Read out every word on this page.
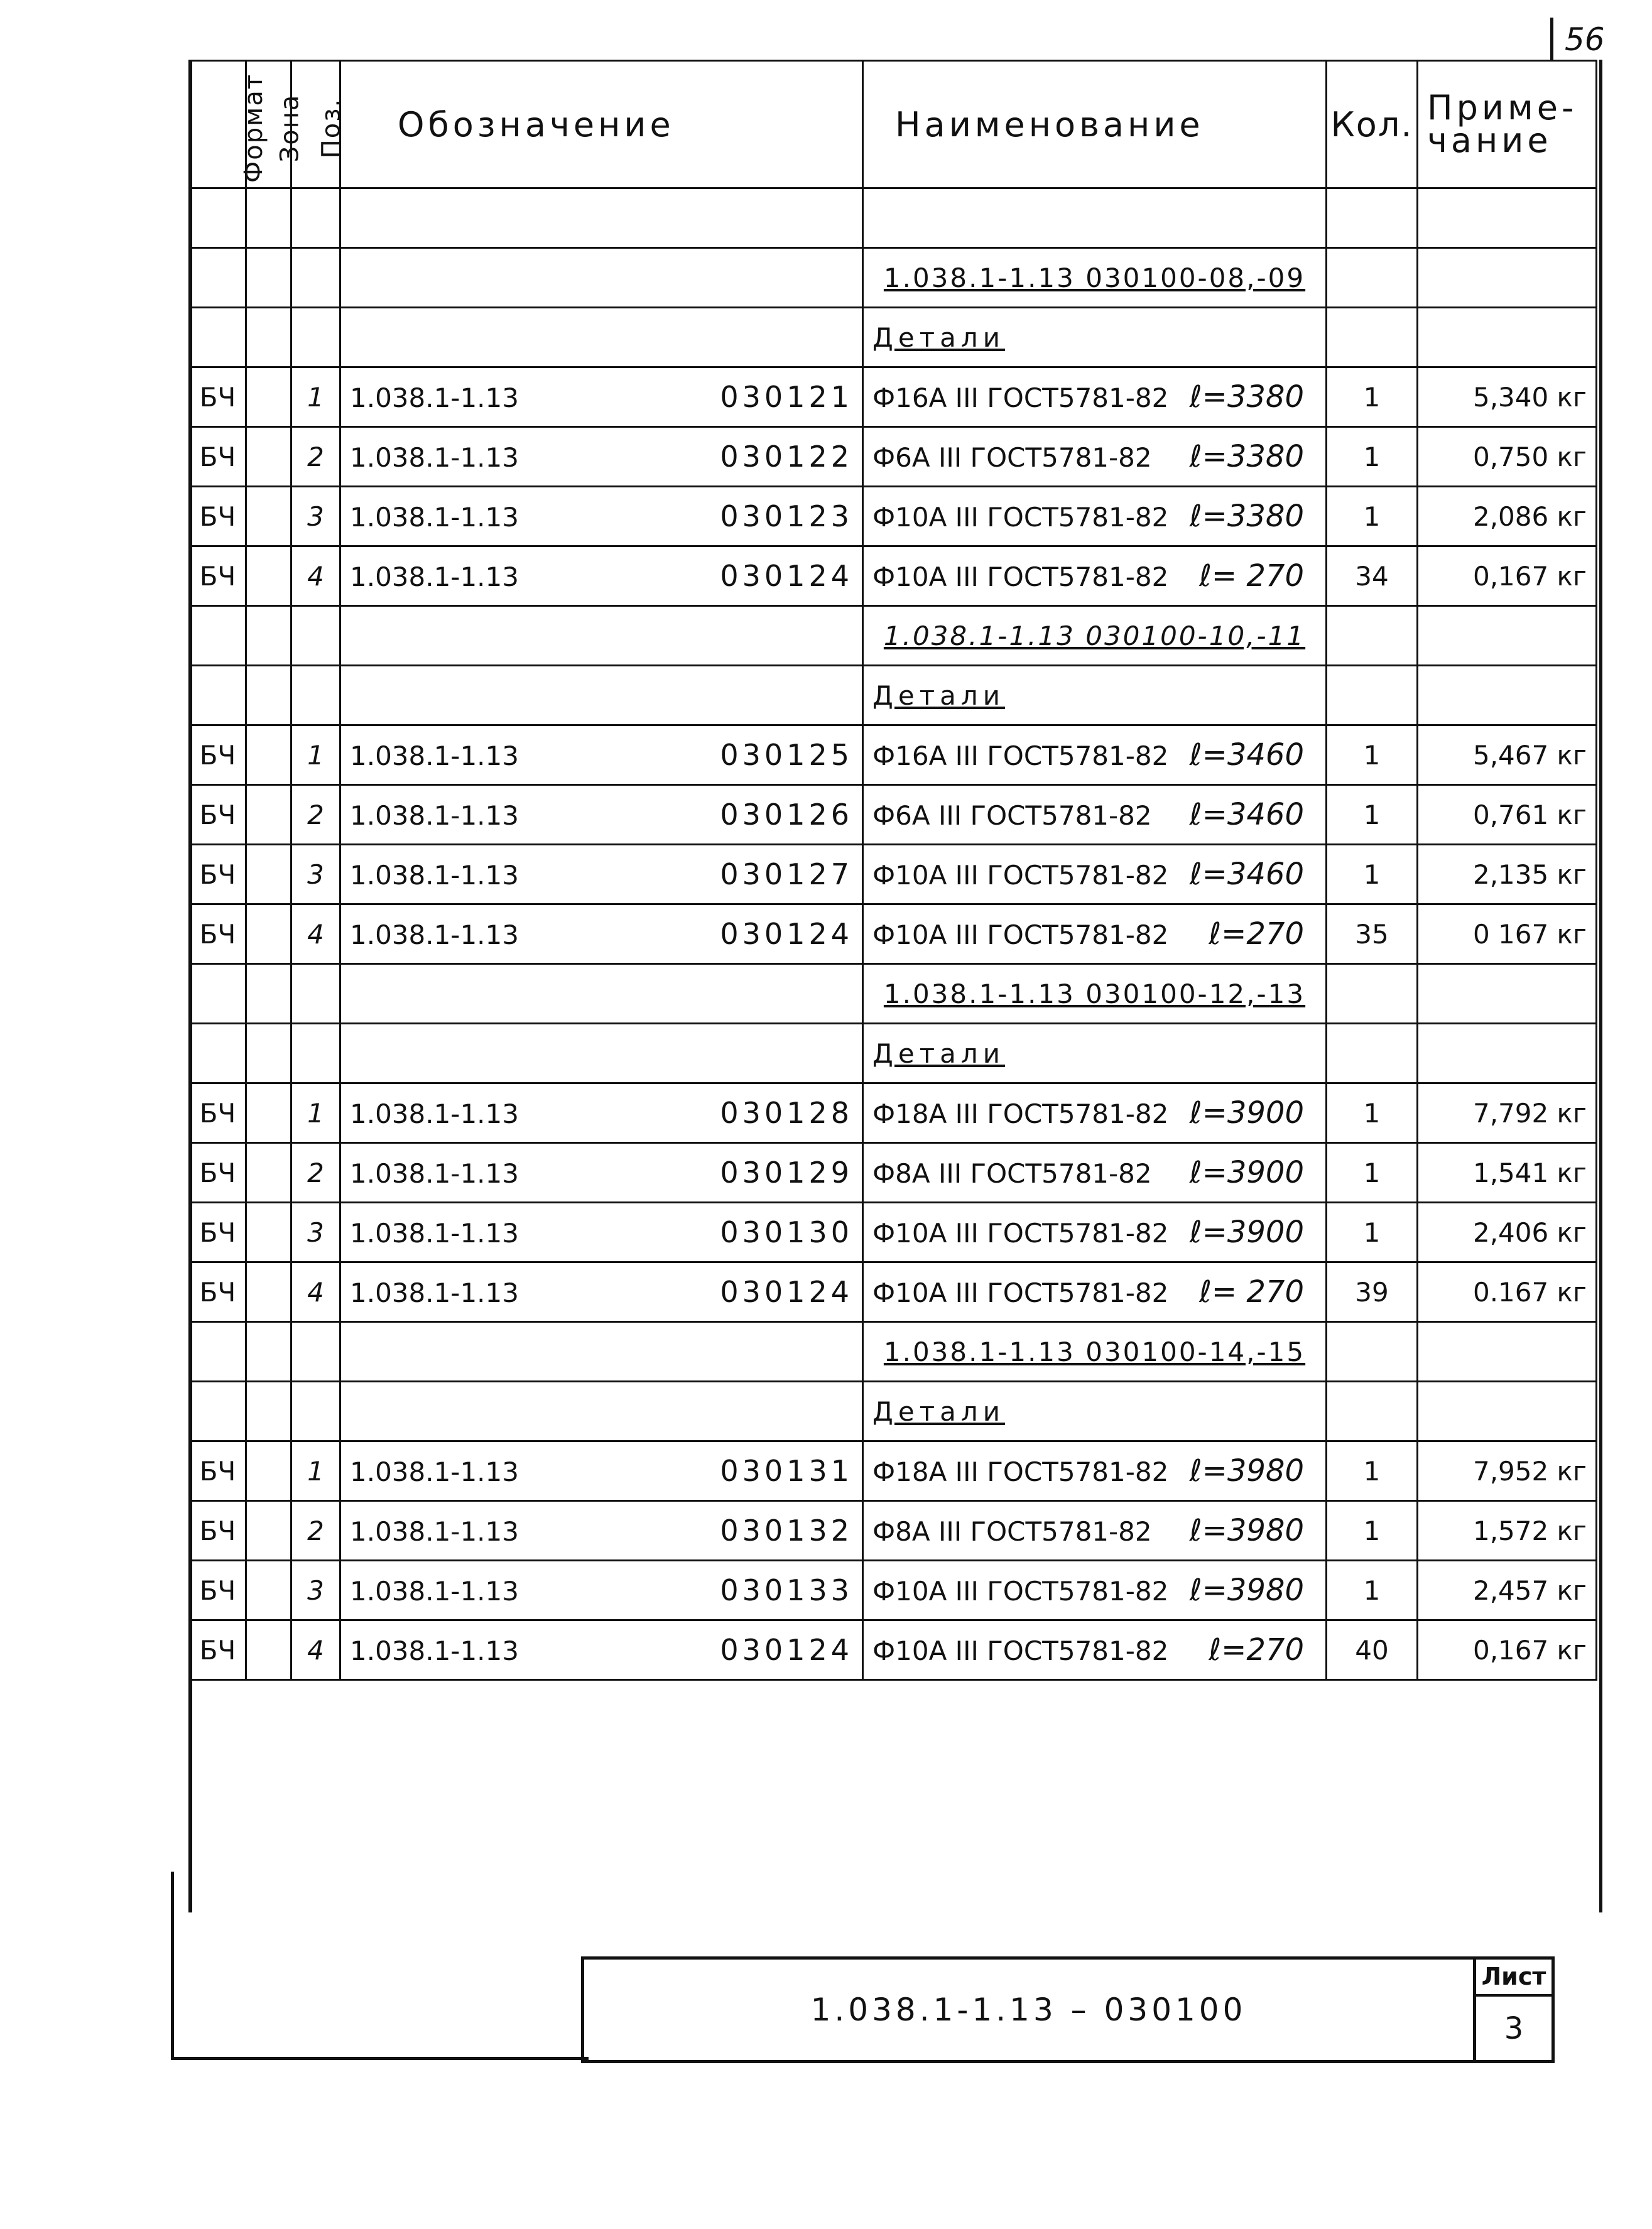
56
Формат	Зона	Поз.	Обозначение	Наименование	Кол.	Приме-чание

				1.038.1-1.13 030100-08,-09		
				Детали		
БЧ		1	1.038.1-1.13 030121	Ф16А III ГОСТ5781-82 ℓ=3380	1	5,340 кг
БЧ		2	1.038.1-1.13 030122	Ф6А III ГОСТ5781-82 ℓ=3380	1	0,750 кг
БЧ		3	1.038.1-1.13 030123	Ф10А III ГОСТ5781-82 ℓ=3380	1	2,086 кг
БЧ		4	1.038.1-1.13 030124	Ф10А III ГОСТ5781-82 ℓ= 270	34	0,167 кг
				1.038.1-1.13 030100-10,-11		
				Детали		
БЧ		1	1.038.1-1.13 030125	Ф16А III ГОСТ5781-82 ℓ=3460	1	5,467 кг
БЧ		2	1.038.1-1.13 030126	Ф6А III ГОСТ5781-82 ℓ=3460	1	0,761 кг
БЧ		3	1.038.1-1.13 030127	Ф10А III ГОСТ5781-82 ℓ=3460	1	2,135 кг
БЧ		4	1.038.1-1.13 030124	Ф10А III ГОСТ5781-82 ℓ=270	35	0 167 кг
				1.038.1-1.13 030100-12,-13		
				Детали		
БЧ		1	1.038.1-1.13 030128	Ф18А III ГОСТ5781-82 ℓ=3900	1	7,792 кг
БЧ		2	1.038.1-1.13 030129	Ф8А III ГОСТ5781-82 ℓ=3900	1	1,541 кг
БЧ		3	1.038.1-1.13 030130	Ф10А III ГОСТ5781-82 ℓ=3900	1	2,406 кг
БЧ		4	1.038.1-1.13 030124	Ф10А III ГОСТ5781-82 ℓ= 270	39	0.167 кг
				1.038.1-1.13 030100-14,-15		
				Детали		
БЧ		1	1.038.1-1.13 030131	Ф18А III ГОСТ5781-82 ℓ=3980	1	7,952 кг
БЧ		2	1.038.1-1.13 030132	Ф8А III ГОСТ5781-82 ℓ=3980	1	1,572 кг
БЧ		3	1.038.1-1.13 030133	Ф10А III ГОСТ5781-82 ℓ=3980	1	2,457 кг
БЧ		4	1.038.1-1.13 030124	Ф10А III ГОСТ5781-82 ℓ=270	40	0,167 кг
1.038.1-1.13 – 030100
Лист
3
